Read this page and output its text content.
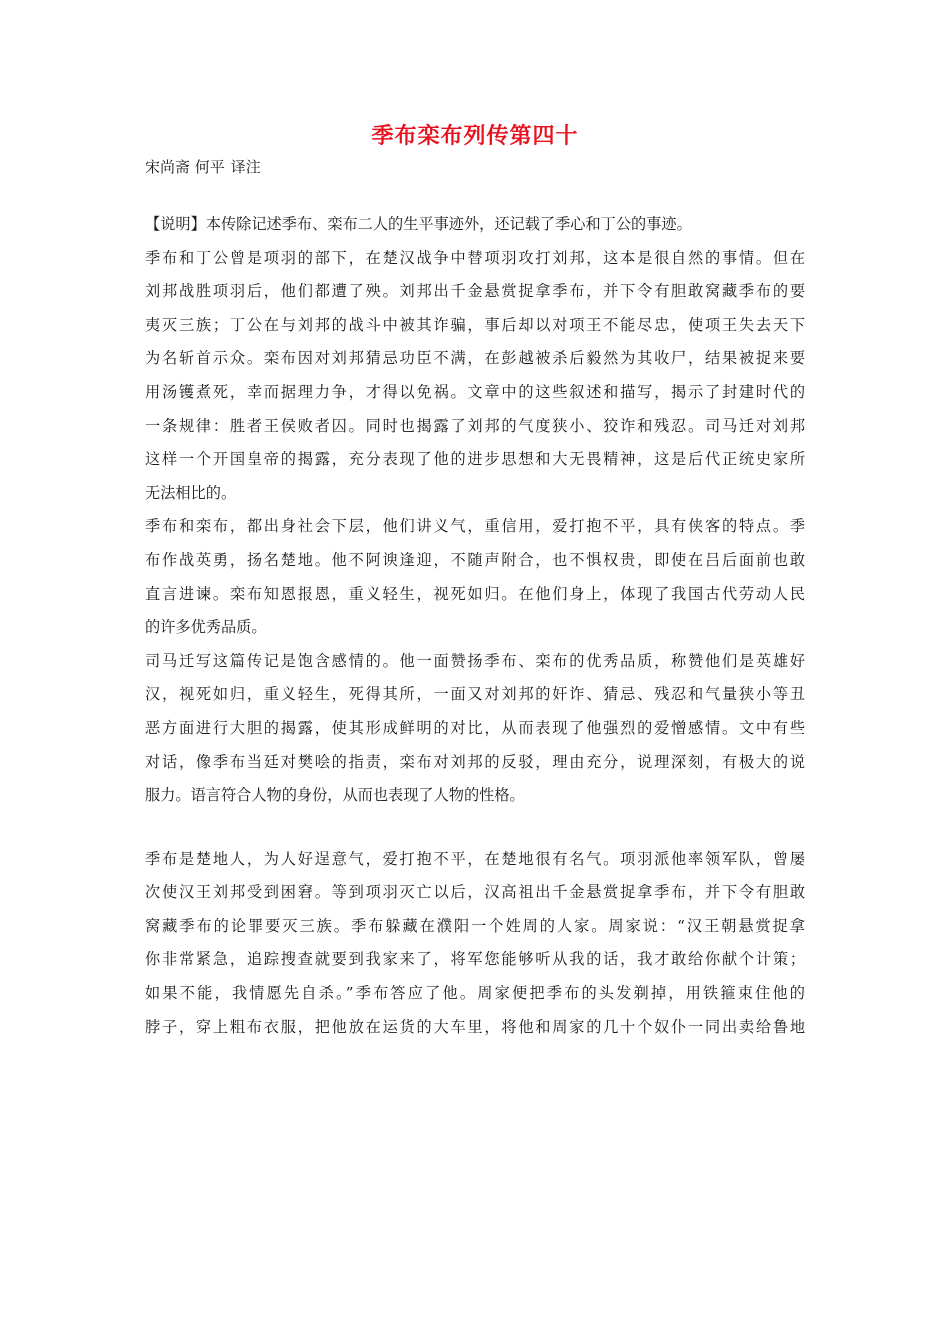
季布栾布列传第四十
宋尚斋 何平 译注

【说明】本传除记述季布、栾布二人的生平事迹外，还记载了季心和丁公的事迹。

季布和丁公曾是项羽的部下，在楚汉战争中替项羽攻打刘邦，这本是很自然的事情。但在
刘邦战胜项羽后，他们都遭了殃。刘邦出千金悬赏捉拿季布，并下令有胆敢窝藏季布的要
夷灭三族；丁公在与刘邦的战斗中被其诈骗，事后却以对项王不能尽忠，使项王失去天下
为名斩首示众。栾布因对刘邦猜忌功臣不满，在彭越被杀后毅然为其收尸，结果被捉来要
用汤镬煮死，幸而据理力争，才得以免祸。文章中的这些叙述和描写，揭示了封建时代的
一条规律：胜者王侯败者囚。同时也揭露了刘邦的气度狭小、狡诈和残忍。司马迁对刘邦
这样一个开国皇帝的揭露，充分表现了他的进步思想和大无畏精神，这是后代正统史家所
无法相比的。

季布和栾布，都出身社会下层，他们讲义气，重信用，爱打抱不平，具有侠客的特点。季
布作战英勇，扬名楚地。他不阿谀逢迎，不随声附合，也不惧权贵，即使在吕后面前也敢
直言进谏。栾布知恩报恩，重义轻生，视死如归。在他们身上，体现了我国古代劳动人民
的许多优秀品质。

司马迁写这篇传记是饱含感情的。他一面赞扬季布、栾布的优秀品质，称赞他们是英雄好
汉，视死如归，重义轻生，死得其所，一面又对刘邦的奸诈、猜忌、残忍和气量狭小等丑
恶方面进行大胆的揭露，使其形成鲜明的对比，从而表现了他强烈的爱憎感情。文中有些
对话，像季布当廷对樊哙的指责，栾布对刘邦的反驳，理由充分，说理深刻，有极大的说
服力。语言符合人物的身份，从而也表现了人物的性格。

季布是楚地人，为人好逞意气，爱打抱不平，在楚地很有名气。项羽派他率领军队，曾屡
次使汉王刘邦受到困窘。等到项羽灭亡以后，汉高祖出千金悬赏捉拿季布，并下令有胆敢
窝藏季布的论罪要灭三族。季布躲藏在濮阳一个姓周的人家。周家说：“汉王朝悬赏捉拿
你非常紧急，追踪搜查就要到我家来了，将军您能够听从我的话，我才敢给你献个计策；
如果不能，我情愿先自杀。”季布答应了他。周家便把季布的头发剃掉，用铁箍束住他的
脖子，穿上粗布衣服，把他放在运货的大车里，将他和周家的几十个奴仆一同出卖给鲁地
